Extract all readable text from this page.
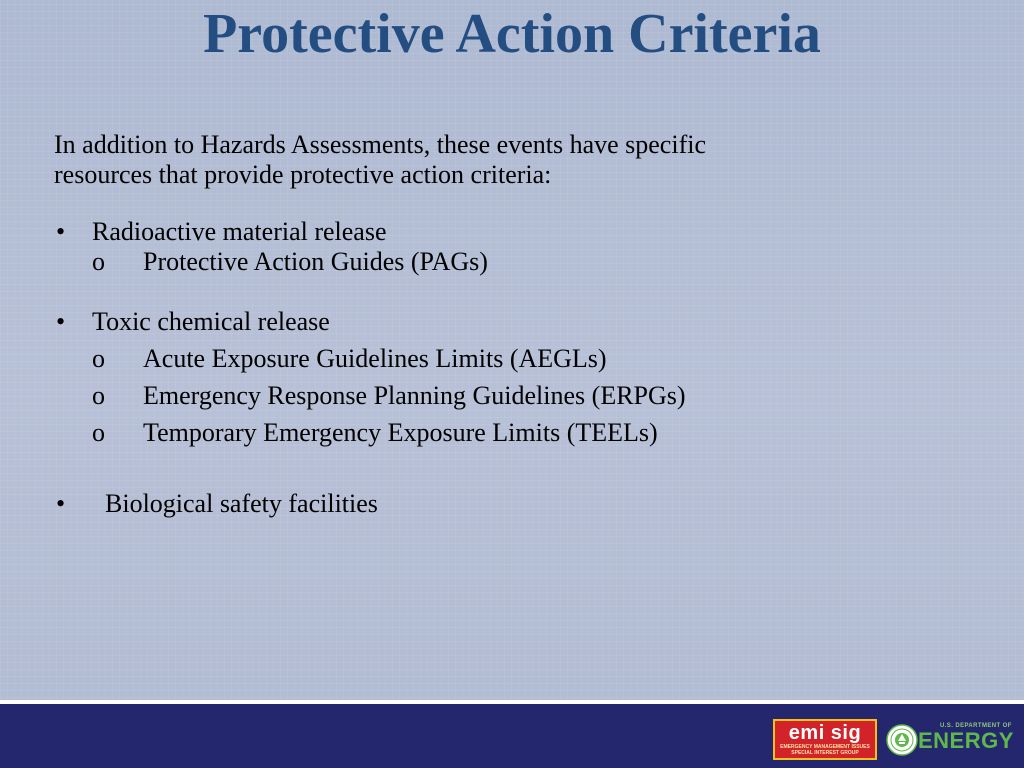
Protective Action Criteria

In addition to Hazards Assessments, these events have specific
resources that provide protective action criteria:

• Radioactive material release

o Protective Action Guides (PAGs)

• Toxic chemical release

o Acute Exposure Guidelines Limits (AEGLs)

o Emergency Response Planning Guidelines (ERPGs)

o Temporary Emergency Exposure Limits (TEELs)

• Biological safety facilities

emi sig
EMERGENCY MANAGEMENT ISSUES
SPECIAL INTEREST GROUP
U.S. DEPARTMENT OF
ENERGY
